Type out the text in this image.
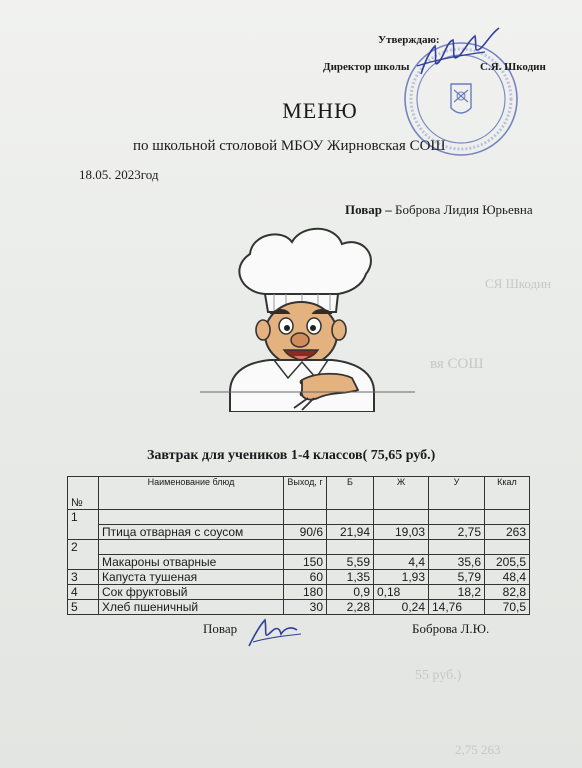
СЯ Шкодин
вя СОШ
55 руб.)
2,75 263
Утверждаю:
Директор школы	С.Я. Шкодин
МЕНЮ
по школьной столовой МБОУ Жирновская СОШ
18.05. 2023год
Повар – Боброва Лидия Юрьевна
Завтрак для учеников 1-4 классов( 75,65 руб.)
№	Наименование блюд	Выход, г	Б	Ж	У	Ккал
1						
	Птица отварная с соусом	90/6	21,94	19,03	2,75	263
2						
	Макароны отварные	150	5,59	4,4	35,6	205,5
3	Капуста тушеная	60	1,35	1,93	5,79	48,4
4	Сок фруктовый	180	0,9	0,18	18,2	82,8
5	Хлеб пшеничный	30	2,28	0,24	14,76	70,5
Повар	Боброва Л.Ю.
